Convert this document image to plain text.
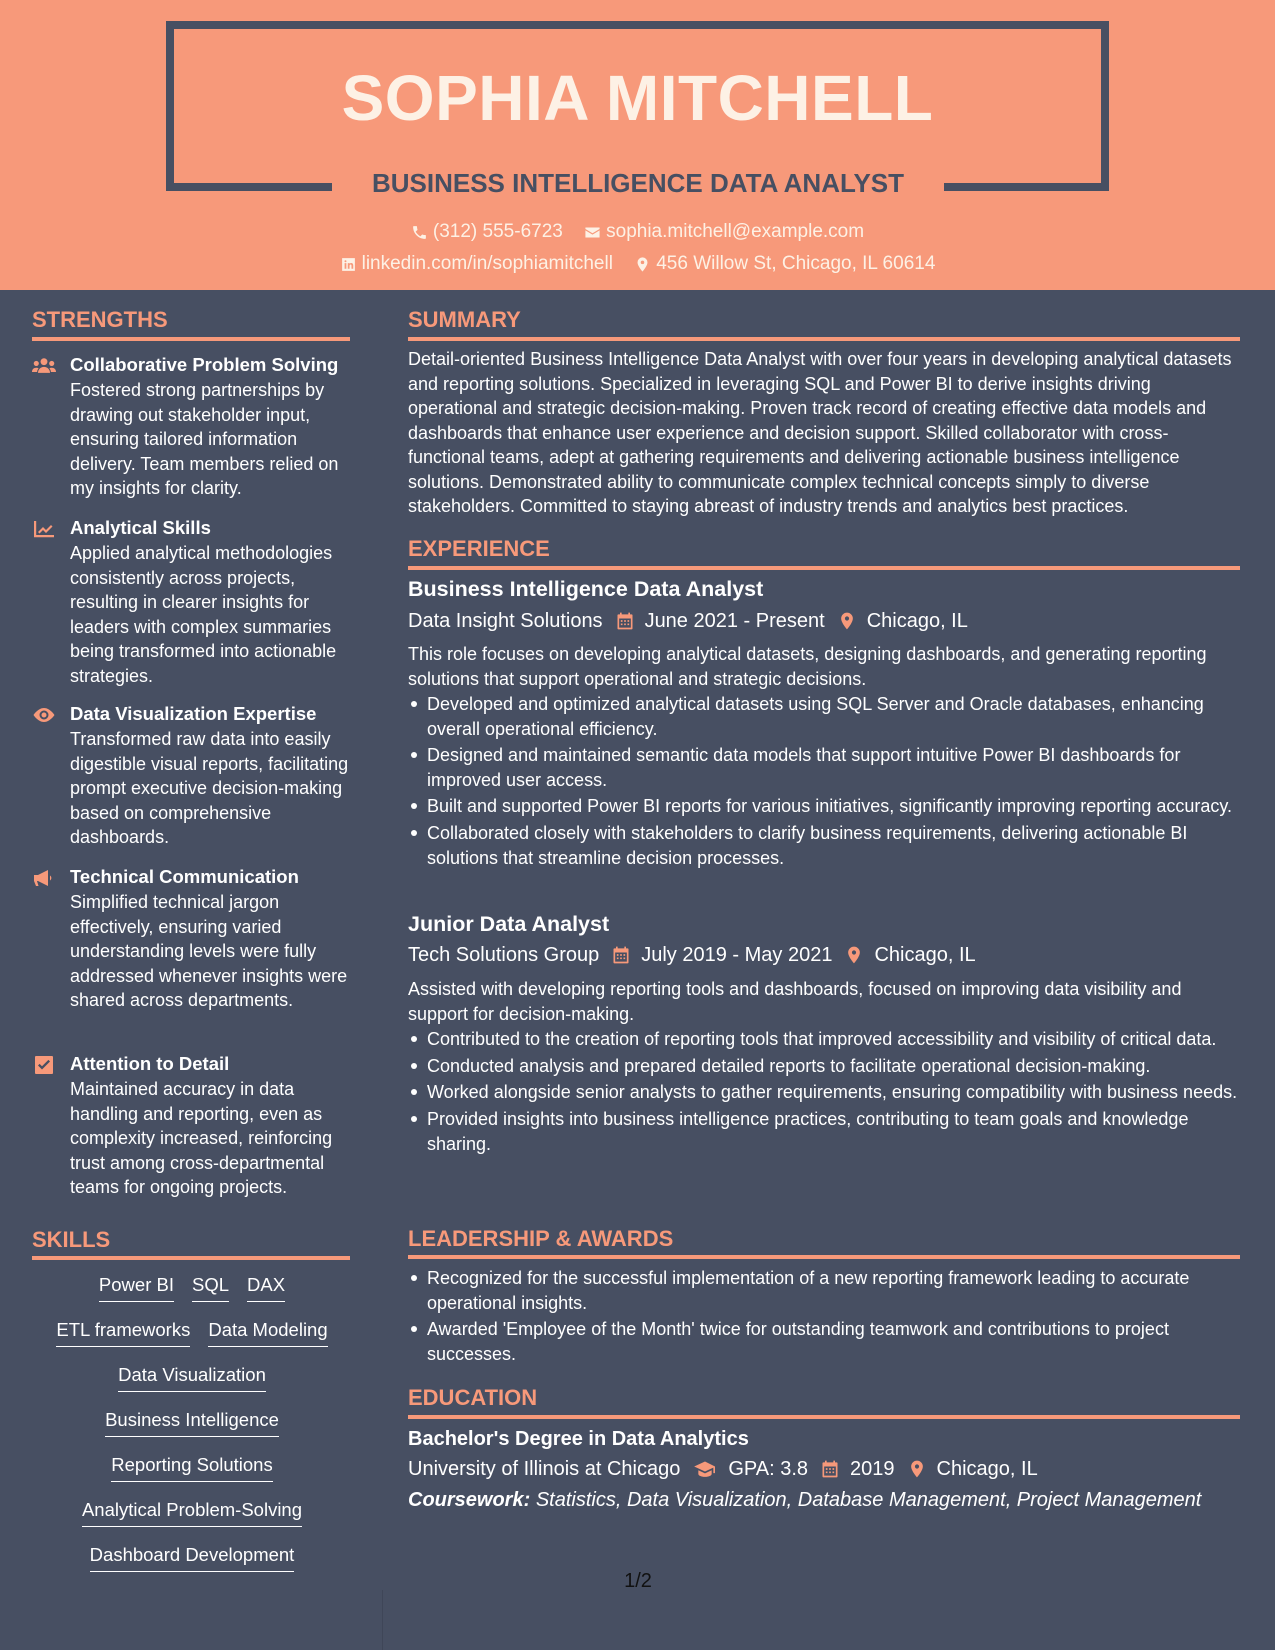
SOPHIA MITCHELL
BUSINESS INTELLIGENCE DATA ANALYST
(312) 555-6723
sophia.mitchell@example.com
linkedin.com/in/sophiamitchell
456 Willow St, Chicago, IL 60614
STRENGTHS
Collaborative Problem Solving
Fostered strong partnerships by drawing out stakeholder input, ensuring tailored information delivery. Team members relied on my insights for clarity.
Analytical Skills
Applied analytical methodologies consistently across projects, resulting in clearer insights for leaders with complex summaries being transformed into actionable strategies.
Data Visualization Expertise
Transformed raw data into easily digestible visual reports, facilitating prompt executive decision-making based on comprehensive dashboards.
Technical Communication
Simplified technical jargon effectively, ensuring varied understanding levels were fully addressed whenever insights were shared across departments.
Attention to Detail
Maintained accuracy in data handling and reporting, even as complexity increased, reinforcing trust among cross-departmental teams for ongoing projects.
SKILLS
Power BI SQL DAX
ETL frameworks Data Modeling
Data Visualization
Business Intelligence
Reporting Solutions
Analytical Problem-Solving
Dashboard Development
SUMMARY
Detail-oriented Business Intelligence Data Analyst with over four years in developing analytical datasets and reporting solutions. Specialized in leveraging SQL and Power BI to derive insights driving operational and strategic decision-making. Proven track record of creating effective data models and dashboards that enhance user experience and decision support. Skilled collaborator with cross-functional teams, adept at gathering requirements and delivering actionable business intelligence solutions. Demonstrated ability to communicate complex technical concepts simply to diverse stakeholders. Committed to staying abreast of industry trends and analytics best practices.
EXPERIENCE
Business Intelligence Data Analyst
Data Insight Solutions June 2021 - Present Chicago, IL
This role focuses on developing analytical datasets, designing dashboards, and generating reporting solutions that support operational and strategic decisions.
Developed and optimized analytical datasets using SQL Server and Oracle databases, enhancing overall operational efficiency.
Designed and maintained semantic data models that support intuitive Power BI dashboards for improved user access.
Built and supported Power BI reports for various initiatives, significantly improving reporting accuracy.
Collaborated closely with stakeholders to clarify business requirements, delivering actionable BI solutions that streamline decision processes.
Junior Data Analyst
Tech Solutions Group July 2019 - May 2021 Chicago, IL
Assisted with developing reporting tools and dashboards, focused on improving data visibility and support for decision-making.
Contributed to the creation of reporting tools that improved accessibility and visibility of critical data.
Conducted analysis and prepared detailed reports to facilitate operational decision-making.
Worked alongside senior analysts to gather requirements, ensuring compatibility with business needs.
Provided insights into business intelligence practices, contributing to team goals and knowledge sharing.
LEADERSHIP & AWARDS
Recognized for the successful implementation of a new reporting framework leading to accurate operational insights.
Awarded 'Employee of the Month' twice for outstanding teamwork and contributions to project successes.
EDUCATION
Bachelor's Degree in Data Analytics
University of Illinois at Chicago GPA: 3.8 2019 Chicago, IL
Coursework: Statistics, Data Visualization, Database Management, Project Management
1/2
